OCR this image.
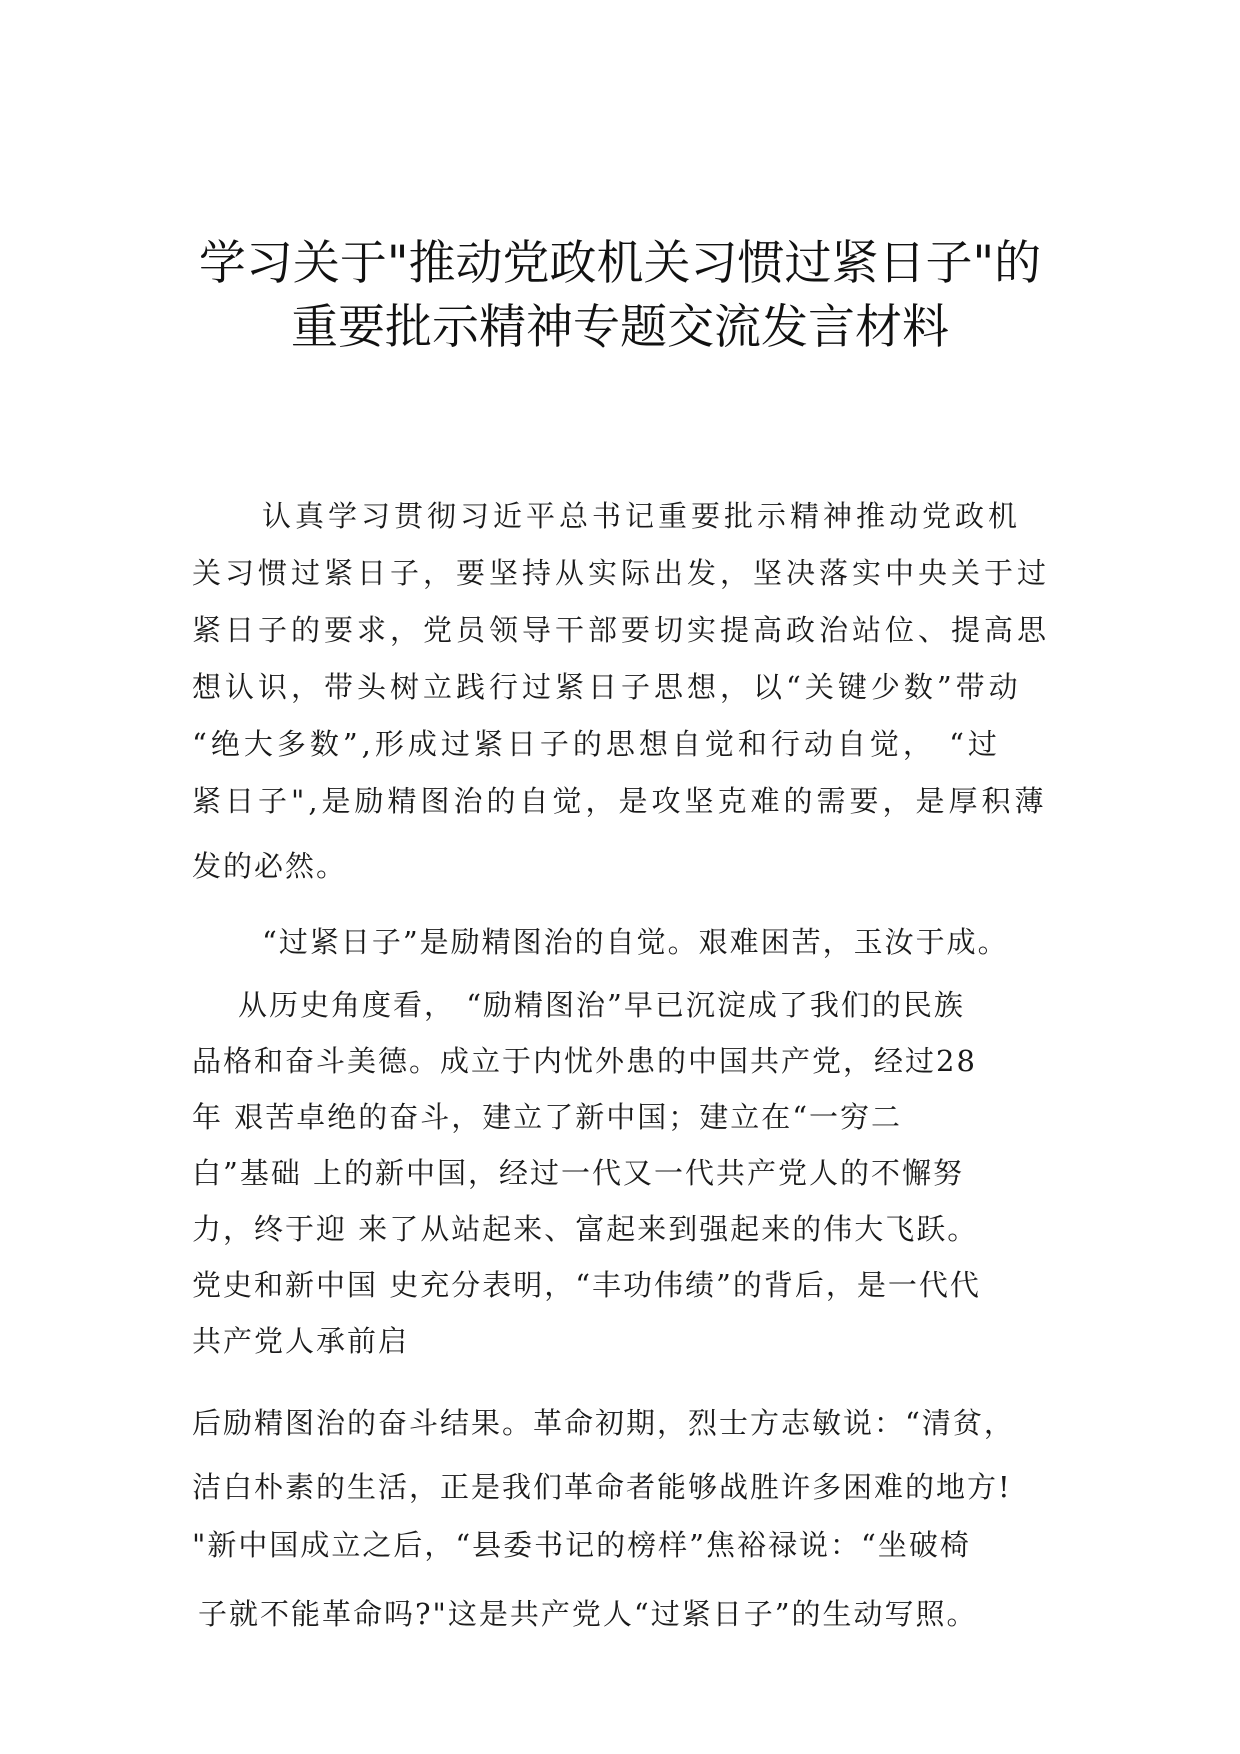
学习关于"推动党政机关习惯过紧日子"的
重要批示精神专题交流发言材料
认真学习贯彻习近平总书记重要批示精神推动党政机
关习惯过紧日子，要坚持从实际出发，坚决落实中央关于过
紧日子的要求，党员领导干部要切实提高政治站位、提高思
想认识，带头树立践行过紧日子思想，以“关键少数”带动
“绝大多数”,形成过紧日子的思想自觉和行动自觉， “过
紧日子",是励精图治的自觉，是攻坚克难的需要，是厚积薄
发的必然。
“过紧日子”是励精图治的自觉。艰难困苦，玉汝于成。
从历史角度看， “励精图治”早已沉淀成了我们的民族
品格和奋斗美德。成立于内忧外患的中国共产党，经过28
年 艰苦卓绝的奋斗，建立了新中国；建立在“一穷二
白”基础 上的新中国，经过一代又一代共产党人的不懈努
力，终于迎 来了从站起来、富起来到强起来的伟大飞跃。
党史和新中国 史充分表明，“丰功伟绩”的背后，是一代代
共产党人承前启
后励精图治的奋斗结果。革命初期，烈士方志敏说：“清贫，
洁白朴素的生活，正是我们革命者能够战胜许多困难的地方!
"新中国成立之后，“县委书记的榜样”焦裕禄说：“坐破椅
子就不能革命吗?"这是共产党人“过紧日子”的生动写照。
